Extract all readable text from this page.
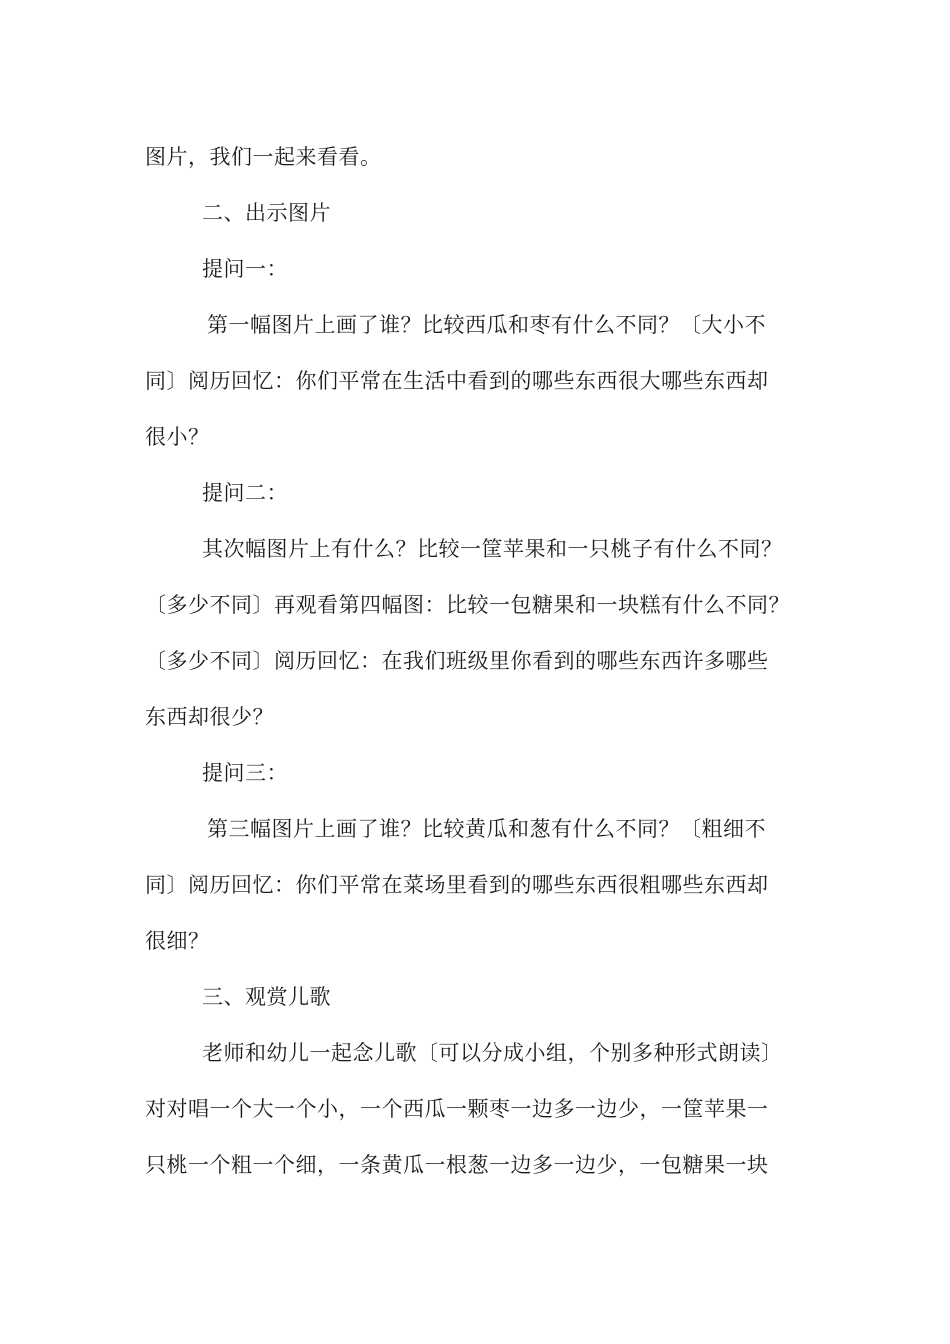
图片，我们一起来看看。

二、出示图片

提问一：

第一幅图片上画了谁？比较西瓜和枣有什么不同？〔大小不

同〕阅历回忆：你们平常在生活中看到的哪些东西很大哪些东西却

很小？

提问二：

其次幅图片上有什么？比较一筐苹果和一只桃子有什么不同？

〔多少不同〕再观看第四幅图：比较一包糖果和一块糕有什么不同？

〔多少不同〕阅历回忆：在我们班级里你看到的哪些东西许多哪些

东西却很少？

提问三：

第三幅图片上画了谁？比较黄瓜和葱有什么不同？〔粗细不

同〕阅历回忆：你们平常在菜场里看到的哪些东西很粗哪些东西却

很细？

三、观赏儿歌

老师和幼儿一起念儿歌〔可以分成小组，个别多种形式朗读〕

对对唱一个大一个小，一个西瓜一颗枣一边多一边少，一筐苹果一

只桃一个粗一个细，一条黄瓜一根葱一边多一边少，一包糖果一块
